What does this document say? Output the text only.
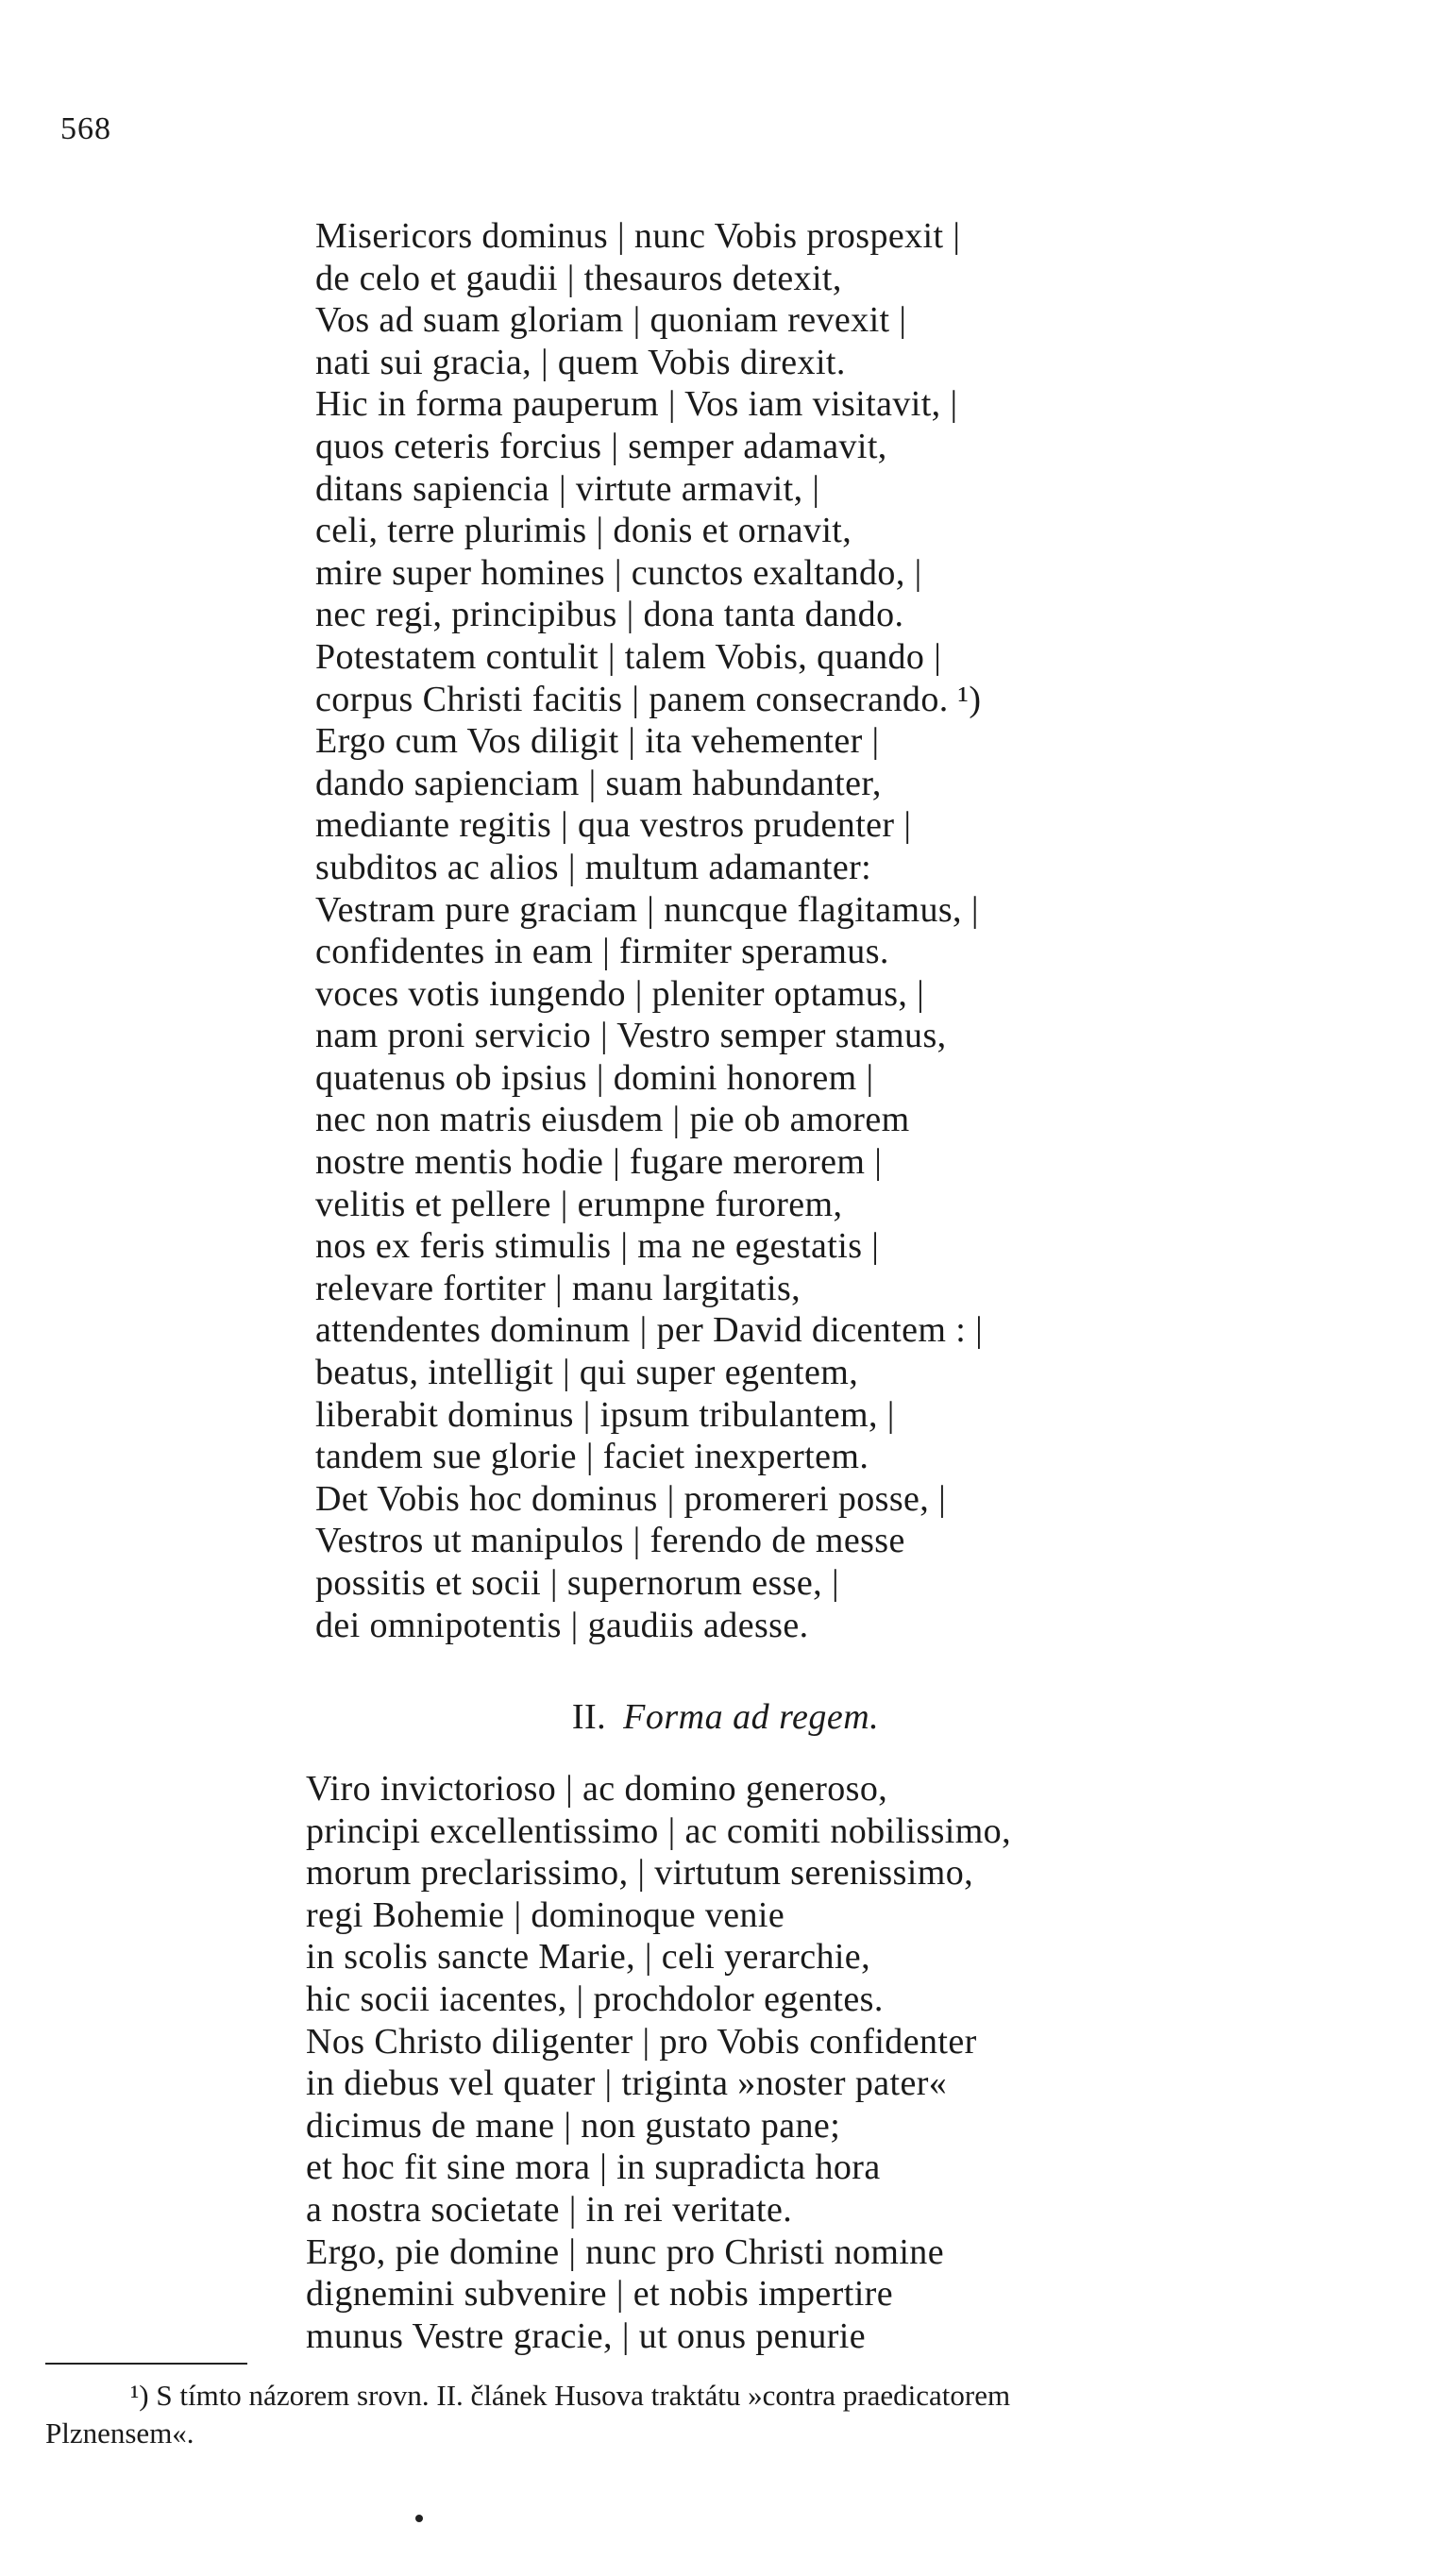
568
Misericors dominus | nunc Vobis prospexit |
de celo et gaudii | thesauros detexit,
Vos ad suam gloriam | quoniam revexit |
nati sui gracia, | quem Vobis direxit.
Hic in forma pauperum | Vos iam visitavit, |
quos ceteris forcius | semper adamavit,
ditans sapiencia | virtute armavit, |
celi, terre plurimis | donis et ornavit,
mire super homines | cunctos exaltando, |
nec regi, principibus | dona tanta dando.
Potestatem contulit | talem Vobis, quando |
corpus Christi facitis | panem consecrando. ¹)
Ergo cum Vos diligit | ita vehementer |
dando sapienciam | suam habundanter,
mediante regitis | qua vestros prudenter |
subditos ac alios | multum adamanter:
Vestram pure graciam | nuncque flagitamus, |
confidentes in eam | firmiter speramus.
voces votis iungendo | pleniter optamus, |
nam proni servicio | Vestro semper stamus,
quatenus ob ipsius | domini honorem |
nec non matris eiusdem | pie ob amorem
nostre mentis hodie | fugare merorem |
velitis et pellere | erumpne furorem,
nos ex feris stimulis | ma ne egestatis |
relevare fortiter | manu largitatis,
attendentes dominum | per David dicentem : |
beatus, intelligit | qui super egentem,
liberabit dominus | ipsum tribulantem, |
tandem sue glorie | faciet inexpertem.
Det Vobis hoc dominus | promereri posse, |
Vestros ut manipulos | ferendo de messe
possitis et socii | supernorum esse, |
dei omnipotentis | gaudiis adesse.
II. Forma ad regem.
Viro invictorioso | ac domino generoso,
principi excellentissimo | ac comiti nobilissimo,
morum preclarissimo, | virtutum serenissimo,
regi Bohemie | dominoque venie
in scolis sancte Marie, | celi yerarchie,
hic socii iacentes, | prochdolor egentes.
Nos Christo diligenter | pro Vobis confidenter
in diebus vel quater | triginta »noster pater«
dicimus de mane | non gustato pane;
et hoc fit sine mora | in supradicta hora
a nostra societate | in rei veritate.
Ergo, pie domine | nunc pro Christi nomine
dignemini subvenire | et nobis impertire
munus Vestre gracie, | ut onus penurie
¹) S tímto názorem srovn. II. článek Husova traktátu »contra praedicatorem
Plznensem«.
